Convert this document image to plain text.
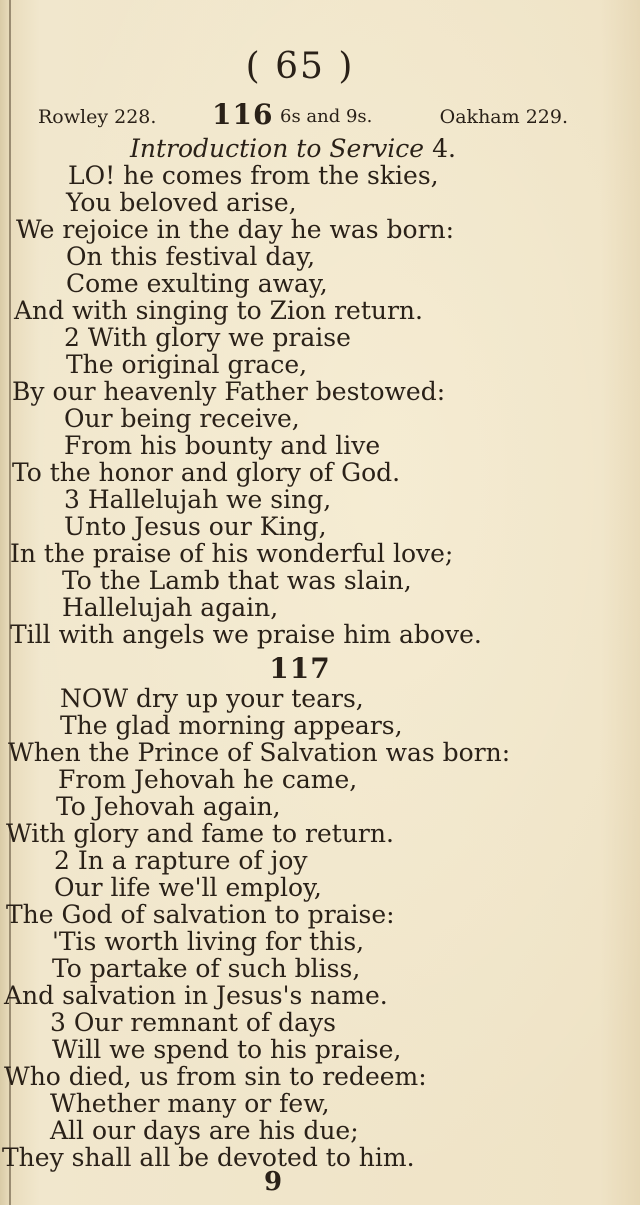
( 65 )
Rowley 228. 116 6s and 9s.	Oakham 229.
Introduction to Service 4.
LO! he comes from the skies,
You beloved arise,
We rejoice in the day he was born:
On this festival day,
Come exulting away,
And with singing to Zion return.
2 With glory we praise
The original grace,
By our heavenly Father bestowed:
Our being receive,
From his bounty and live
To the honor and glory of God.
3 Hallelujah we sing,
Unto Jesus our King,
In the praise of his wonderful love;
To the Lamb that was slain,
Hallelujah again,
Till with angels we praise him above.
117
NOW dry up your tears,
The glad morning appears,
When the Prince of Salvation was born:
From Jehovah he came,
To Jehovah again,
With glory and fame to return.
2 In a rapture of joy
Our life we'll employ,
The God of salvation to praise:
'Tis worth living for this,
To partake of such bliss,
And salvation in Jesus's name.
3 Our remnant of days
Will we spend to his praise,
Who died, us from sin to redeem:
Whether many or few,
All our days are his due;
They shall all be devoted to him.
9
